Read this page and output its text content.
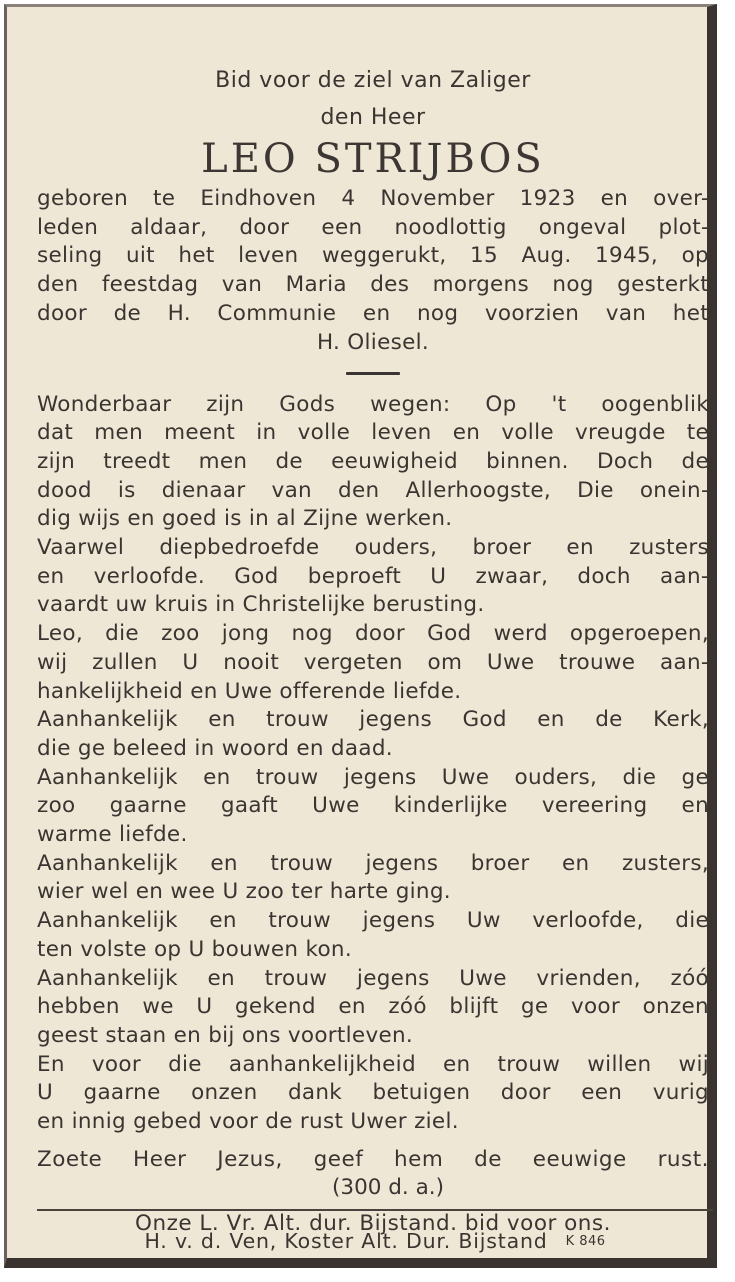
Bid voor de ziel van Zaliger
den Heer
LEO STRIJBOS
geboren te Eindhoven 4 November 1923 en over-
leden aldaar, door een noodlottig ongeval plot-
seling uit het leven weggerukt, 15 Aug. 1945, op
den feestdag van Maria des morgens nog gesterkt
door de H. Communie en nog voorzien van het
H. Oliesel.
Wonderbaar zijn Gods wegen: Op 't oogenblik
dat men meent in volle leven en volle vreugde te
zijn treedt men de eeuwigheid binnen. Doch de
dood is dienaar van den Allerhoogste, Die onein-
dig wijs en goed is in al Zijne werken.
Vaarwel diepbedroefde ouders, broer en zusters
en verloofde. God beproeft U zwaar, doch aan-
vaardt uw kruis in Christelijke berusting.
Leo, die zoo jong nog door God werd opgeroepen,
wij zullen U nooit vergeten om Uwe trouwe aan-
hankelijkheid en Uwe offerende liefde.
Aanhankelijk en trouw jegens God en de Kerk,
die ge beleed in woord en daad.
Aanhankelijk en trouw jegens Uwe ouders, die ge
zoo gaarne gaaft Uwe kinderlijke vereering en
warme liefde.
Aanhankelijk en trouw jegens broer en zusters,
wier wel en wee U zoo ter harte ging.
Aanhankelijk en trouw jegens Uw verloofde, die
ten volste op U bouwen kon.
Aanhankelijk en trouw jegens Uwe vrienden, zóó
hebben we U gekend en zóó blijft ge voor onzen
geest staan en bij ons voortleven.
En voor die aanhankelijkheid en trouw willen wij
U gaarne onzen dank betuigen door een vurig
en innig gebed voor de rust Uwer ziel.
Zoete Heer Jezus, geef hem de eeuwige rust.
(300 d. a.)
Onze L. Vr. Alt. dur. Bijstand. bid voor ons.
H. v. d. Ven, Koster Alt. Dur. Bijstand K 846
